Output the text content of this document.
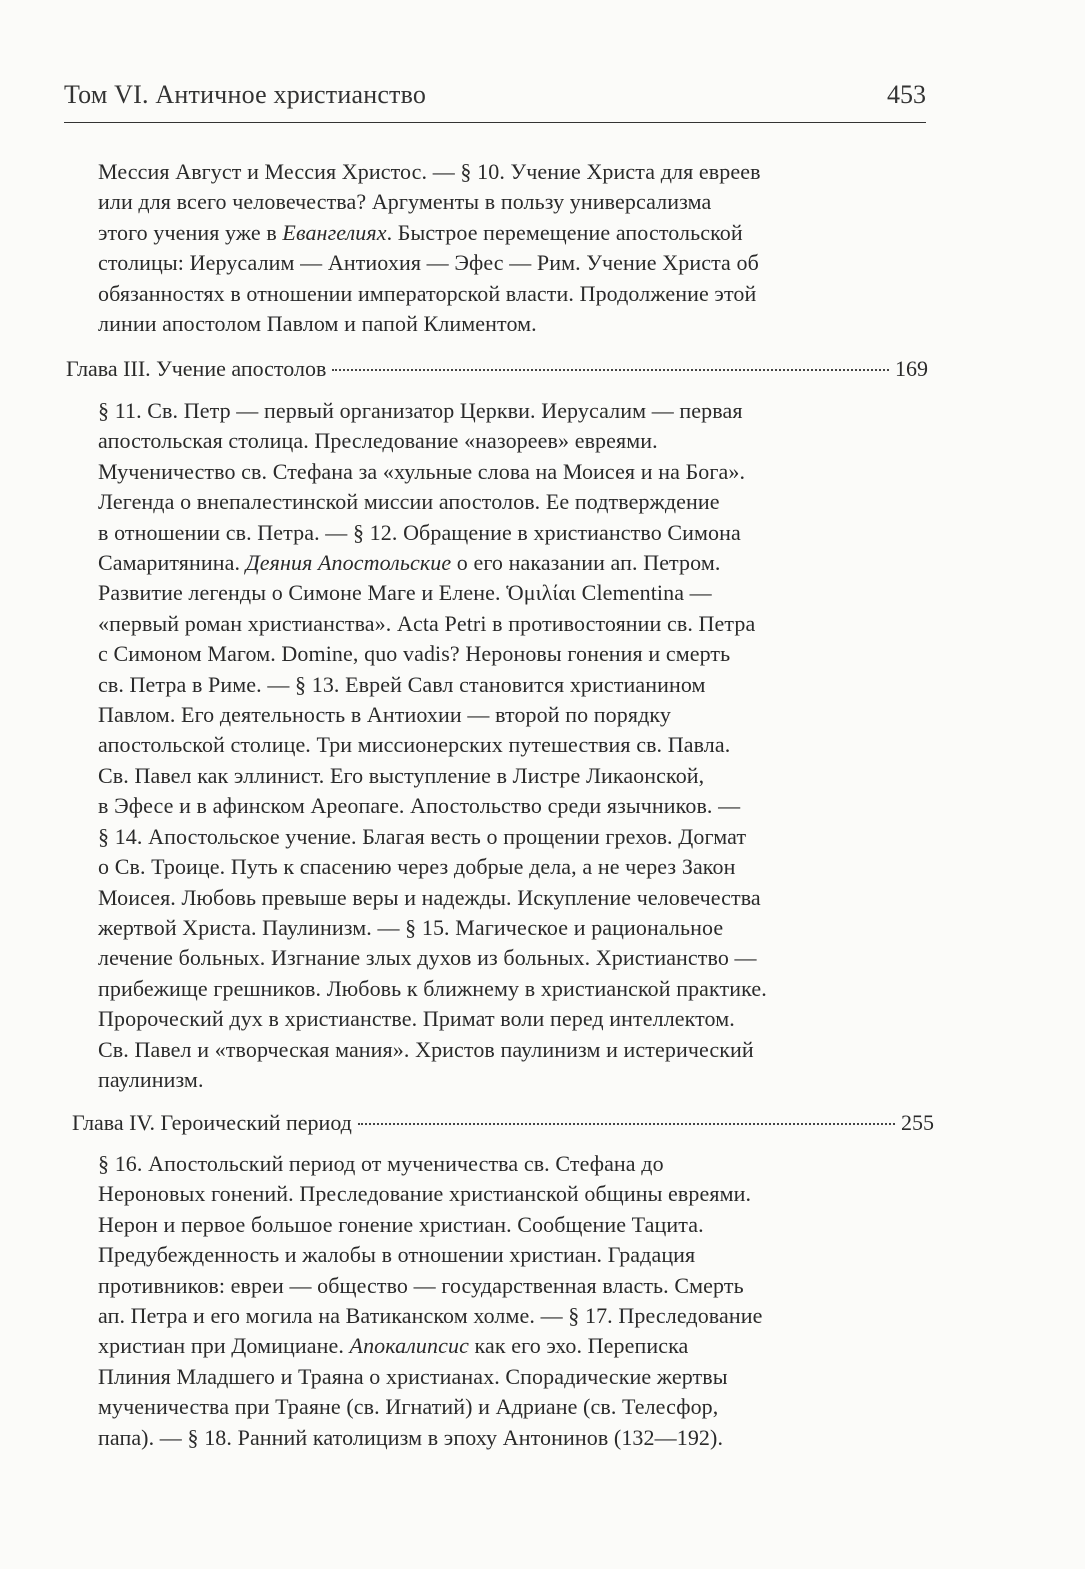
Том VI. Античное христианство	453
Мессия Август и Мессия Христос. — § 10. Учение Христа для евреев
или для всего человечества? Аргументы в пользу универсализма
этого учения уже в Евангелиях. Быстрое перемещение апостольской
столицы: Иерусалим — Антиохия — Эфес — Рим. Учение Христа об
обязанностях в отношении императорской власти. Продолжение этой
линии апостолом Павлом и папой Климентом.
Глава III. Учение апостолов	169
§ 11. Св. Петр — первый организатор Церкви. Иерусалим — первая
апостольская столица. Преследование «назореев» евреями.
Мученичество св. Стефана за «хульные слова на Моисея и на Бога».
Легенда о внепалестинской миссии апостолов. Ее подтверждение
в отношении св. Петра. — § 12. Обращение в христианство Симона
Самаритянина. Деяния Апостольские о его наказании ап. Петром.
Развитие легенды о Симоне Маге и Елене. Ὁμιλίαι Clementina —
«первый роман христианства». Acta Petri в противостоянии св. Петра
с Симоном Магом. Domine, quo vadis? Нероновы гонения и смерть
св. Петра в Риме. — § 13. Еврей Савл становится христианином
Павлом. Его деятельность в Антиохии — второй по порядку
апостольской столице. Три миссионерских путешествия св. Павла.
Св. Павел как эллинист. Его выступление в Листре Ликаонской,
в Эфесе и в афинском Ареопаге. Апостольство среди язычников. —
§ 14. Апостольское учение. Благая весть о прощении грехов. Догмат
о Св. Троице. Путь к спасению через добрые дела, а не через Закон
Моисея. Любовь превыше веры и надежды. Искупление человечества
жертвой Христа. Паулинизм. — § 15. Магическое и рациональное
лечение больных. Изгнание злых духов из больных. Христианство —
прибежище грешников. Любовь к ближнему в христианской практике.
Пророческий дух в христианстве. Примат воли перед интеллектом.
Св. Павел и «творческая мания». Христов паулинизм и истерический
паулинизм.
Глава IV. Героический период	255
§ 16. Апостольский период от мученичества св. Стефана до
Нероновых гонений. Преследование христианской общины евреями.
Нерон и первое большое гонение христиан. Сообщение Тацита.
Предубежденность и жалобы в отношении христиан. Градация
противников: евреи — общество — государственная власть. Смерть
ап. Петра и его могила на Ватиканском холме. — § 17. Преследование
христиан при Домициане. Апокалипсис как его эхо. Переписка
Плиния Младшего и Траяна о христианах. Спорадические жертвы
мученичества при Траяне (св. Игнатий) и Адриане (св. Телесфор,
папа). — § 18. Ранний католицизм в эпоху Антонинов (132—192).
